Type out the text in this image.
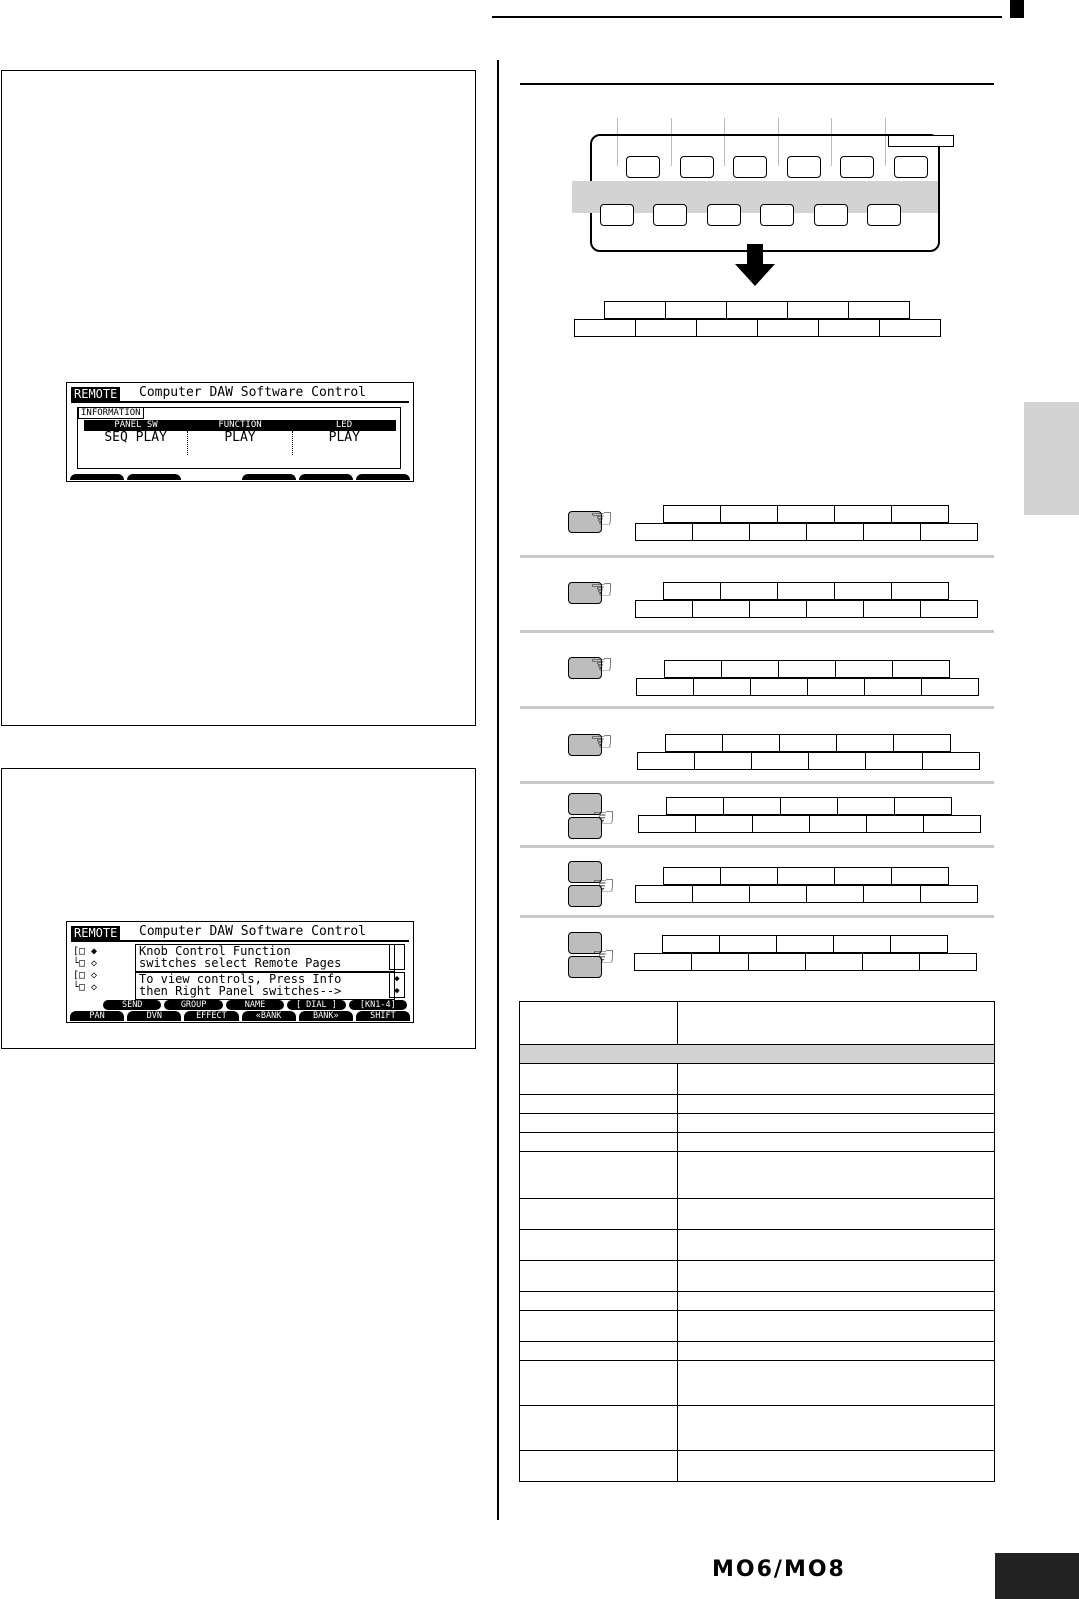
REMOTE Computer DAW Software Control
INFORMATION
PANEL SW	FUNCTION	LED
SEQ PLAY	PLAY	PLAY
REMOTE Computer DAW Software Control
[□ ◆
└□ ◇
[□ ◇
└□ ◇
Knob Control Function
switches select Remote Pages
To view controls, Press Info
then Right Panel switches-->
◆
◆
SEND	GROUP	NAME	[ DIAL ]	[KN1-4]
PAN	DVN	EFFECT	«BANK	BANK»	SHIFT
☜
☜
☜
☜
☜
☜
☜

MO6/MO8
